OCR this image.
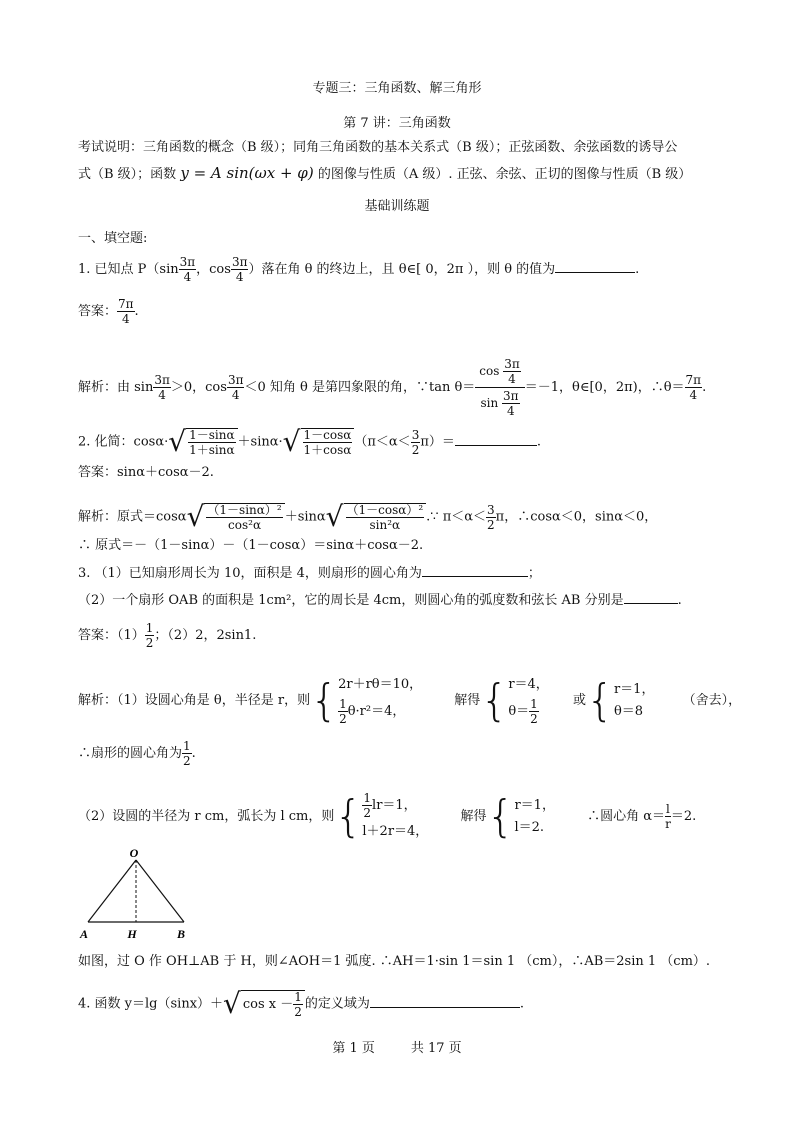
专题三：三角函数、解三角形
第 7 讲：三角函数
考试说明：三角函数的概念（B 级）；同角三角函数的基本关系式（B 级）；正弦函数、余弦函数的诱导公
式（B 级）；函数 y = A sin(ωx + φ) 的图像与性质（A 级）. 正弦、余弦、正切的图像与性质（B 级）
基础训练题
一、填空题:
1. 已知点 $P(\sin \frac{3\pi}{4}$ ，$\cos \frac{3\pi}{4}$ ）落在角 θ 的终边上，且 θ∈[ 0，2π ），则 θ 的值为	.
答案： $\frac{7\pi}{4}$ .
解析：由 $\sin \frac{3\pi}{4} >0$，$\cos \frac{3\pi}{4} <0$ 知角 θ 是第四象限的角，∵tan $\theta= \frac{\cos \frac{3\pi}{4}}{\sin \frac{3\pi}{4}} =-1$，θ∈[0，2π)，∴θ＝ $\frac{7\pi}{4}$ .
2. 化简：cosα· √ $\frac{1-\sin\alpha}{1+\sin\alpha} +\sin\alpha\cdot$ √ $\frac{1-\cos\alpha}{1+\cos\alpha} (\pi<\alpha< \frac{3}{2} \pi)=$	.
答案：sinα＋cosα－2.
解析：原式＝cosα √ $\frac{\text{（1－sinα）²}}{\text{cos²α}} +\sin\alpha$ √ $\frac{\text{（1－cosα）²}}{\text{sin²α}}$ .∵ $\pi<\alpha< \frac{3}{2}$ π，∴cosα＜0，sinα＜0，
∴ 原式＝－（1－sinα）－（1－cosα）＝sinα＋cosα－2.
3. （1）已知扇形周长为 10，面积是 4，则扇形的圆心角为	；
（2）一个扇形 OAB 的面积是 1cm²，它的周长是 4cm，则圆心角的弧度数和弦长 AB 分别是	.
答案：$(1) \frac{1}{2}$ ；（2）2，2sin1.
解析：（1）设圆心角是 θ，半径是 r，则{ 2r＋rθ＝10，
$\frac{1}{2} \theta\cdot r^2=4$，
解得{ r＝4，
$\theta= \frac{1}{2}$	或{ r＝1，
θ＝8
（舍去），
∴扇形的圆心角为 $\frac{1}{2}$ .
（2）设圆的半径为 r cm，弧长为 l cm，则{ $\frac{1}{2} lr=1$，
l＋2r＝4，
解得{ r＝1，
l＝2.
∴圆心角 $\alpha= \frac{l}{r} =2$.
O
A	H	B
如图，过 O 作 OH⊥AB 于 H，则∠AOH＝1 弧度. ∴AH＝1·sin 1＝sin 1 （cm），∴AB＝2sin 1 （cm）.
4. 函数 y＝lg（sinx）＋ √ $\cos x - \frac{1}{2}$ 的定义域为	.
第 1 页	共 17 页
